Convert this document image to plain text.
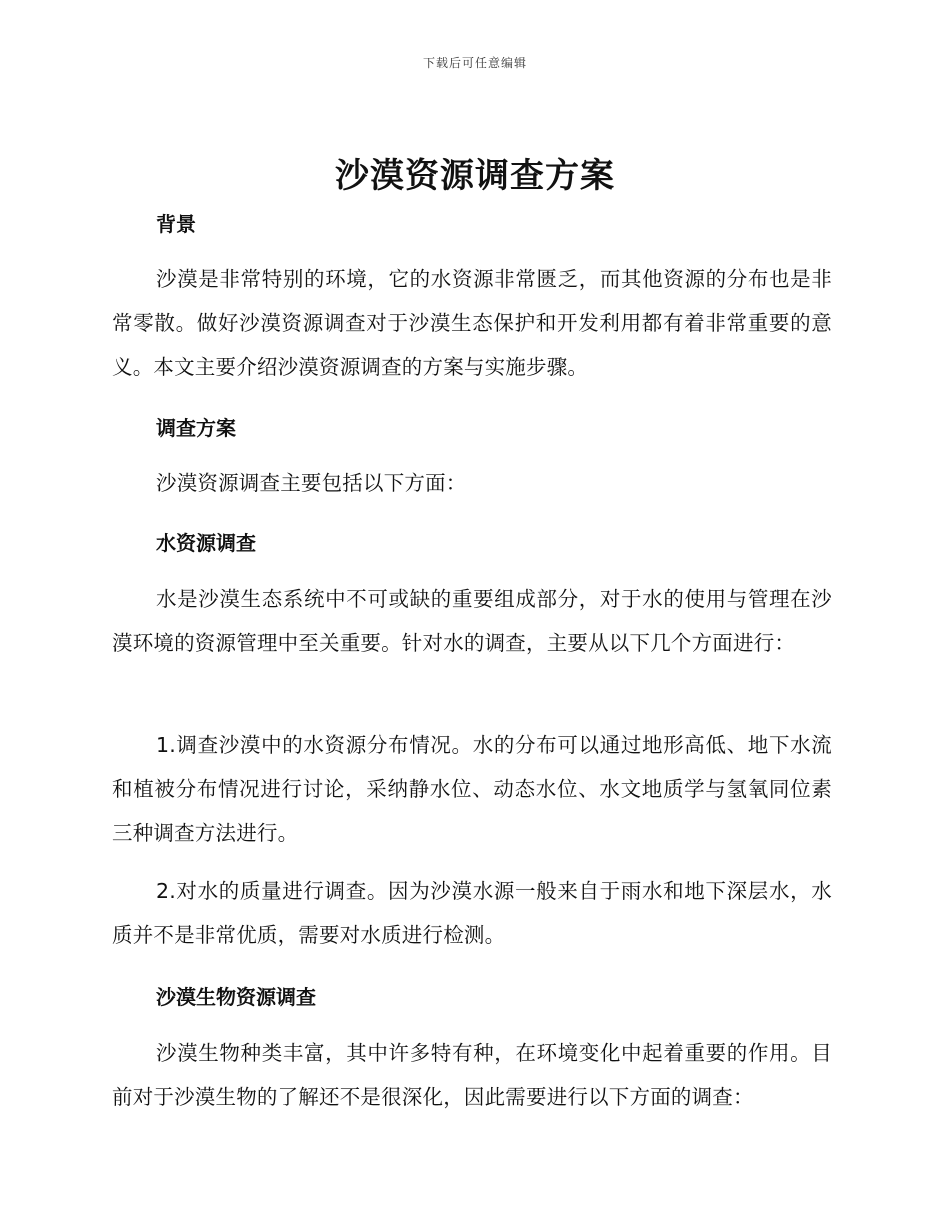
下载后可任意编辑
沙漠资源调查方案
背景
沙漠是非常特别的环境，它的水资源非常匮乏，而其他资源的分布也是非常零散。做好沙漠资源调查对于沙漠生态保护和开发利用都有着非常重要的意义。本文主要介绍沙漠资源调查的方案与实施步骤。
调查方案
沙漠资源调查主要包括以下方面：
水资源调查
水是沙漠生态系统中不可或缺的重要组成部分，对于水的使用与管理在沙漠环境的资源管理中至关重要。针对水的调查，主要从以下几个方面进行：
1.调查沙漠中的水资源分布情况。水的分布可以通过地形高低、地下水流和植被分布情况进行讨论，采纳静水位、动态水位、水文地质学与氢氧同位素三种调查方法进行。
2.对水的质量进行调查。因为沙漠水源一般来自于雨水和地下深层水，水质并不是非常优质，需要对水质进行检测。
沙漠生物资源调查
沙漠生物种类丰富，其中许多特有种，在环境变化中起着重要的作用。目前对于沙漠生物的了解还不是很深化，因此需要进行以下方面的调查：
